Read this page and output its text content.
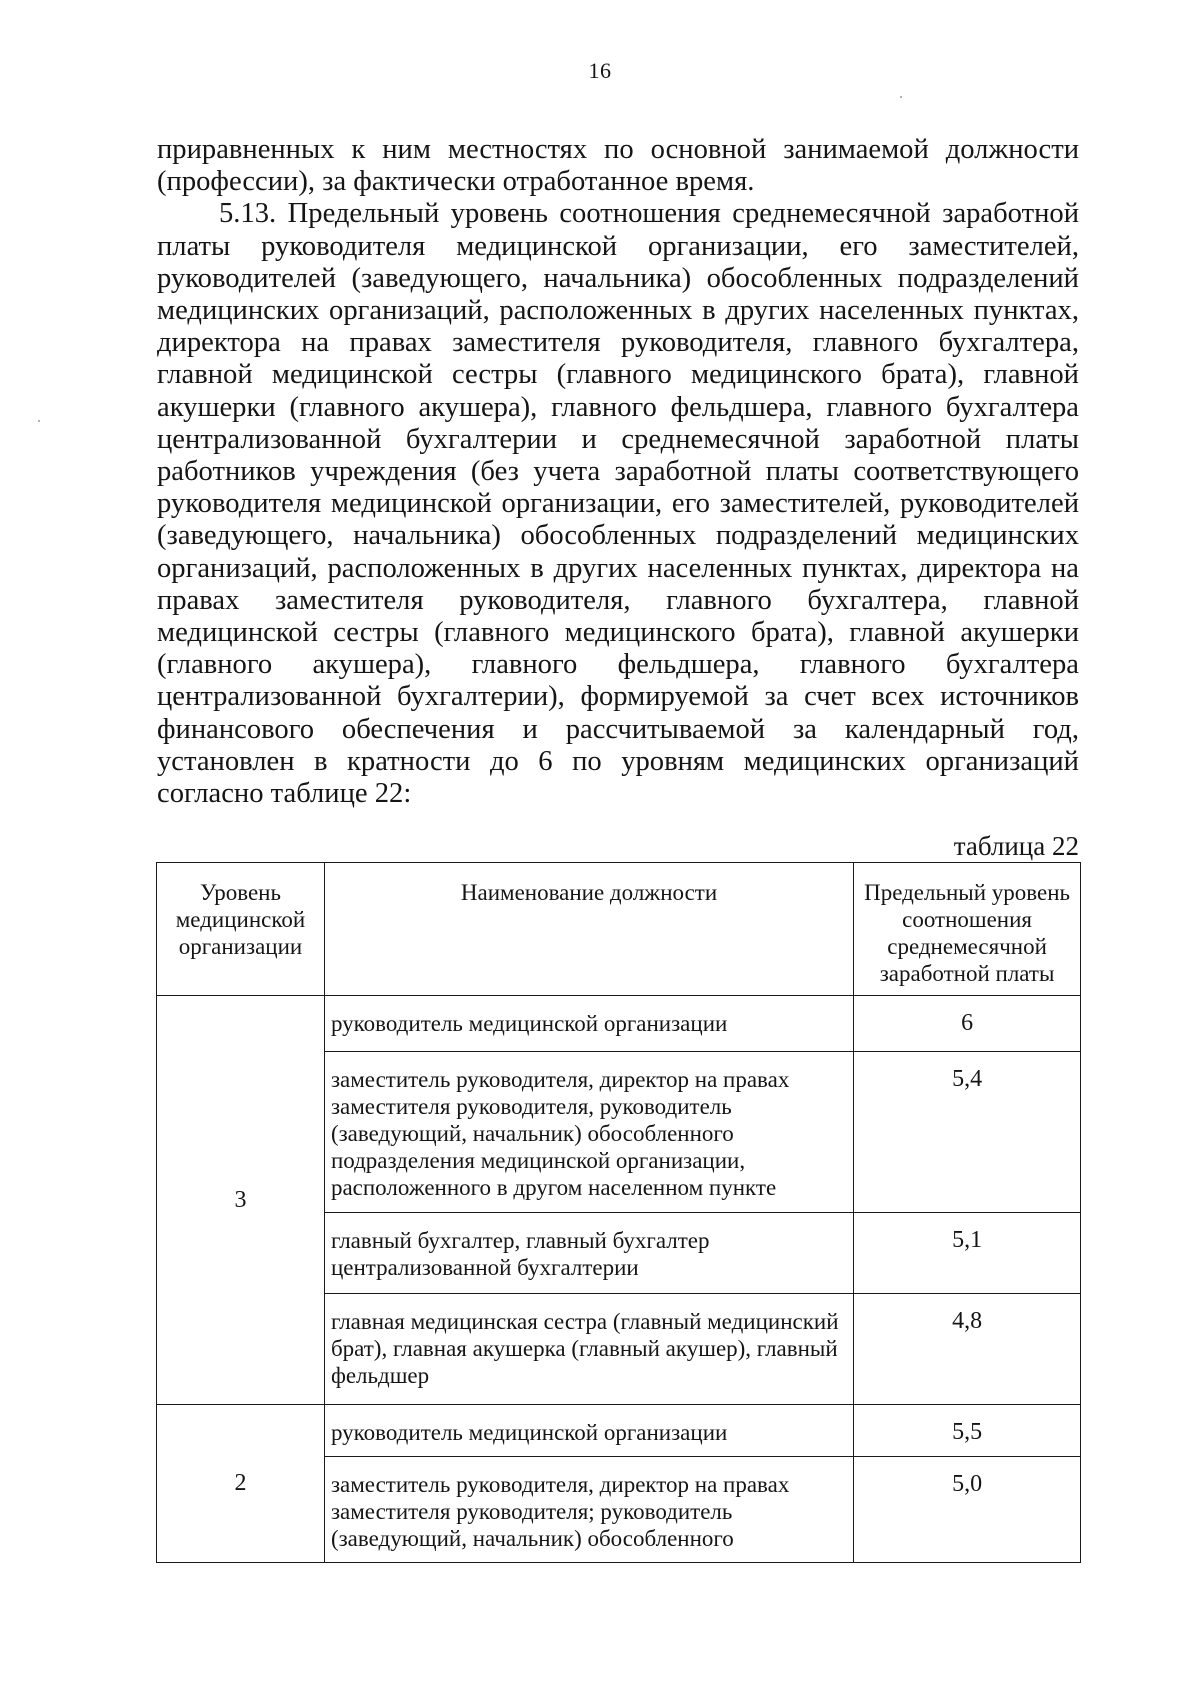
16

приравненных к ним местностях по основной занимаемой должности (профессии), за фактически отработанное время.

5.13. Предельный уровень соотношения среднемесячной заработной платы руководителя медицинской организации, его заместителей, руководителей (заведующего, начальника) обособленных подразделений медицинских организаций, расположенных в других населенных пунктах, директора на правах заместителя руководителя, главного бухгалтера, главной медицинской сестры (главного медицинского брата), главной акушерки (главного акушера), главного фельдшера, главного бухгалтера централизованной бухгалтерии и среднемесячной заработной платы работников учреждения (без учета заработной платы соответствующего руководителя медицинской организации, его заместителей, руководителей (заведующего, начальника) обособленных подразделений медицинских организаций, расположенных в других населенных пунктах, директора на правах заместителя руководителя, главного бухгалтера, главной медицинской сестры (главного медицинского брата), главной акушерки (главного акушера), главного фельдшера, главного бухгалтера централизованной бухгалтерии), формируемой за счет всех источников финансового обеспечения и рассчитываемой за календарный год, установлен в кратности до 6 по уровням медицинских организаций согласно таблице 22:

таблица 22
Уровень медицинской организации	Наименование должности	Предельный уровень соотношения среднемесячной заработной платы
3	руководитель медицинской организации	6
	заместитель руководителя, директор на правах заместителя руководителя, руководитель (заведующий, начальник) обособленного подразделения медицинской организации, расположенного в другом населенном пункте	5,4
	главный бухгалтер, главный бухгалтер централизованной бухгалтерии	5,1
	главная медицинская сестра (главный медицинский брат), главная акушерка (главный акушер), главный фельдшер	4,8
2	руководитель медицинской организации	5,5
	заместитель руководителя, директор на правах заместителя руководителя; руководитель (заведующий, начальник) обособленного	5,0
